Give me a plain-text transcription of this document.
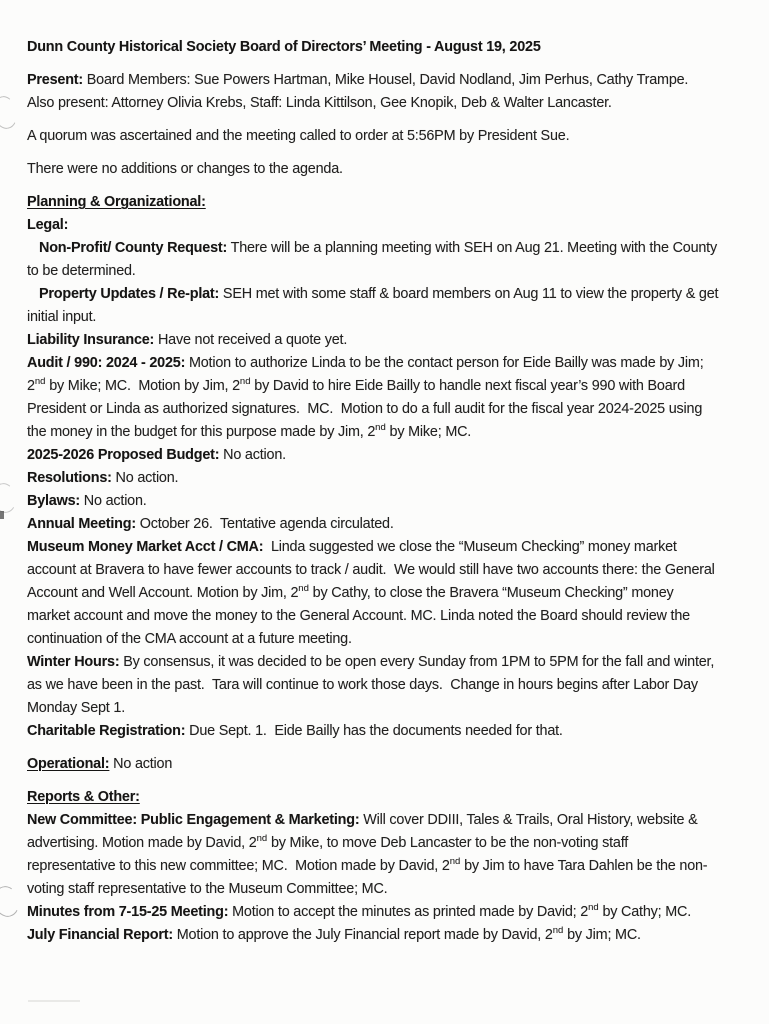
Dunn County Historical Society Board of Directors’ Meeting - August 19, 2025

Present: Board Members: Sue Powers Hartman, Mike Housel, David Nodland, Jim Perhus, Cathy Trampe.  Also present: Attorney Olivia Krebs, Staff: Linda Kittilson, Gee Knopik, Deb & Walter Lancaster.

A quorum was ascertained and the meeting called to order at 5:56PM by President Sue.

There were no additions or changes to the agenda.

Planning & Organizational:

Legal:

Non-Profit/ County Request: There will be a planning meeting with SEH on Aug 21. Meeting with the County to be determined.

Property Updates / Re-plat: SEH met with some staff & board members on Aug 11 to view the property & get initial input.

Liability Insurance: Have not received a quote yet.

Audit / 990: 2024 - 2025: Motion to authorize Linda to be the contact person for Eide Bailly was made by Jim; 2nd by Mike; MC.  Motion by Jim, 2nd by David to hire Eide Bailly to handle next fiscal year’s 990 with Board President or Linda as authorized signatures.  MC.  Motion to do a full audit for the fiscal year 2024-2025 using the money in the budget for this purpose made by Jim, 2nd by Mike; MC.

2025-2026 Proposed Budget: No action.

Resolutions: No action.

Bylaws: No action.

Annual Meeting: October 26.  Tentative agenda circulated.

Museum Money Market Acct / CMA:  Linda suggested we close the “Museum Checking” money market account at Bravera to have fewer accounts to track / audit.  We would still have two accounts there: the General Account and Well Account. Motion by Jim, 2nd by Cathy, to close the Bravera “Museum Checking” money market account and move the money to the General Account. MC. Linda noted the Board should review the continuation of the CMA account at a future meeting.

Winter Hours: By consensus, it was decided to be open every Sunday from 1PM to 5PM for the fall and winter, as we have been in the past.  Tara will continue to work those days.  Change in hours begins after Labor Day Monday Sept 1.

Charitable Registration: Due Sept. 1.  Eide Bailly has the documents needed for that.

Operational: No action

Reports & Other:

New Committee: Public Engagement & Marketing: Will cover DDIII, Tales & Trails, Oral History, website & advertising. Motion made by David, 2nd by Mike, to move Deb Lancaster to be the non-voting staff representative to this new committee; MC.  Motion made by David, 2nd by Jim to have Tara Dahlen be the non-voting staff representative to the Museum Committee; MC.

Minutes from 7-15-25 Meeting: Motion to accept the minutes as printed made by David; 2nd by Cathy; MC.

July Financial Report: Motion to approve the July Financial report made by David, 2nd by Jim; MC.
